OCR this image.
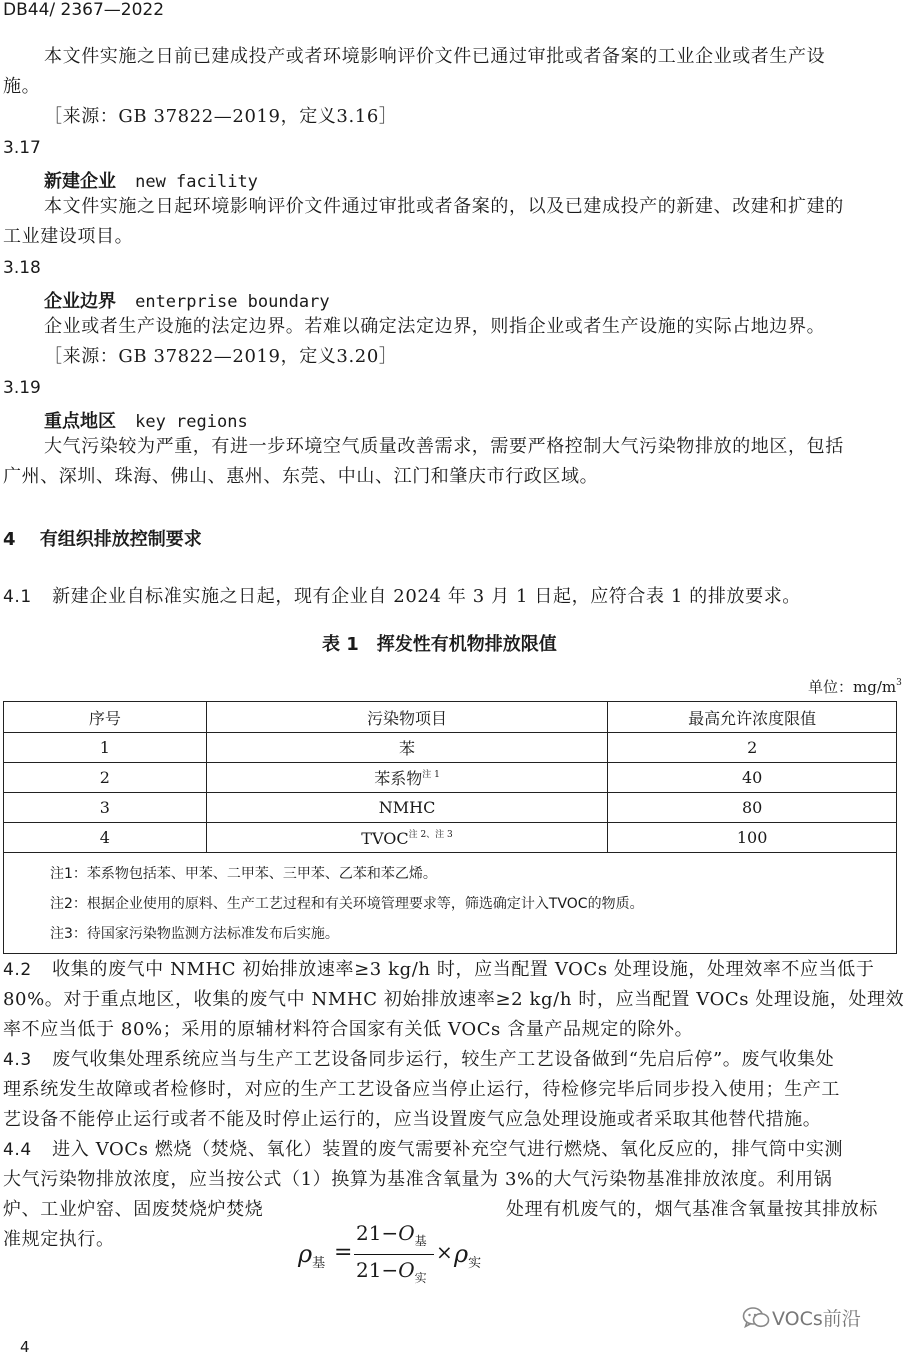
DB44/ 2367—2022
本文件实施之日前已建成投产或者环境影响评价文件已通过审批或者备案的工业企业或者生产设
施。
［来源：GB 37822—2019，定义3.16］
3.17
新建企业 new facility
本文件实施之日起环境影响评价文件通过审批或者备案的，以及已建成投产的新建、改建和扩建的
工业建设项目。
3.18
企业边界 enterprise boundary
企业或者生产设施的法定边界。若难以确定法定边界，则指企业或者生产设施的实际占地边界。
［来源：GB 37822—2019，定义3.20］
3.19
重点地区 key regions
大气污染较为严重，有进一步环境空气质量改善需求，需要严格控制大气污染物排放的地区，包括
广州、深圳、珠海、佛山、惠州、东莞、中山、江门和肇庆市行政区域。
4 有组织排放控制要求
4.1 新建企业自标准实施之日起，现有企业自 2024 年 3 月 1 日起，应符合表 1 的排放要求。
表 1　挥发性有机物排放限值
单位：$mg/m^3$
序号	污染物项目	最高允许浓度限值
1	苯	2
2	苯系物$^{注 1}$	40
3	NMHC	80
4	$TVOC^{注 2、注 3}$	100

注1：苯系物包括苯、甲苯、二甲苯、三甲苯、乙苯和苯乙烯。
注2：根据企业使用的原料、生产工艺过程和有关环境管理要求等，筛选确定计入TVOC的物质。
注3：待国家污染物监测方法标准发布后实施。		
4.2 收集的废气中 NMHC 初始排放速率≥3 kg/h 时，应当配置 VOCs 处理设施，处理效率不应当低于
80%。对于重点地区，收集的废气中 NMHC 初始排放速率≥2 kg/h 时，应当配置 VOCs 处理设施，处理效
率不应当低于 80%；采用的原辅材料符合国家有关低 VOCs 含量产品规定的除外。
4.3 废气收集处理系统应当与生产工艺设备同步运行，较生产工艺设备做到“先启后停”。废气收集处
理系统发生故障或者检修时，对应的生产工艺设备应当停止运行，待检修完毕后同步投入使用；生产工
艺设备不能停止运行或者不能及时停止运行的，应当设置废气应急处理设施或者采取其他替代措施。
4.4 进入 VOCs 燃烧（焚烧、氧化）装置的废气需要补充空气进行燃烧、氧化反应的，排气筒中实测
大气污染物排放浓度，应当按公式（1）换算为基准含氧量为 3%的大气污染物基准排放浓度。利用锅
炉、工业炉窑、固废焚烧炉焚烧	处理有机废气的，烟气基准含氧量按其排放标
准规定执行。
$\rho_基$ =
$21-O_基$
$21-O_实$
× $\rho_实$
VOCs前沿
4
